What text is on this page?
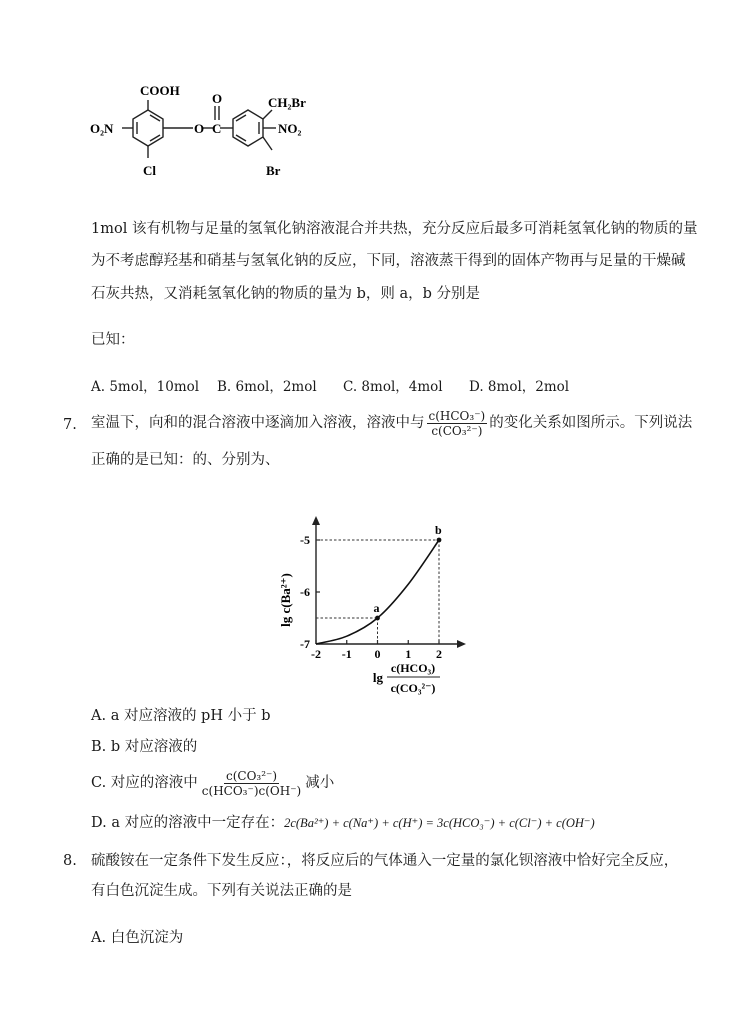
COOH
O₂N
Cl
O
O
C
CH₂Br
NO₂
Br
1mol 该有机物与足量的氢氧化钠溶液混合并共热，充分反应后最多可消耗氢氧化钠的物质的量
为不考虑醇羟基和硝基与氢氧化钠的反应，下同，溶液蒸干得到的固体产物再与足量的干燥碱
石灰共热，又消耗氢氧化钠的物质的量为 b，则 a，b 分别是
已知：
A. 5mol，10mol B. 6mol，2mol C. 8mol，4mol D. 8mol，2mol
7. 室温下，向和的混合溶液中逐滴加入溶液，溶液中与 $\frac{\text{c(HCO₃⁻)}}{\text{c(CO₃²⁻)}}$ 的变化关系如图所示。下列说法
正确的是已知：的、分别为、
-2 -1 0 1 2
-5
-6
-7
a
b
lg c(Ba²⁺)
lg
c(HCO₃)
c(CO₃²⁻)
A. a 对应溶液的 pH 小于 b
B. b 对应溶液的
C. 对应的溶液中 $\frac{\text{c(CO₃²⁻)}}{\text{c(HCO₃⁻)c(OH⁻)}}$ 减小
D. a 对应的溶液中一定存在：2c(Ba²⁺) + c(Na⁺) + c(H⁺) = 3c(HCO₃⁻) + c(Cl⁻) + c(OH⁻)
8. 硫酸铵在一定条件下发生反应：，将反应后的气体通入一定量的氯化钡溶液中恰好完全反应，
有白色沉淀生成。下列有关说法正确的是
A. 白色沉淀为
